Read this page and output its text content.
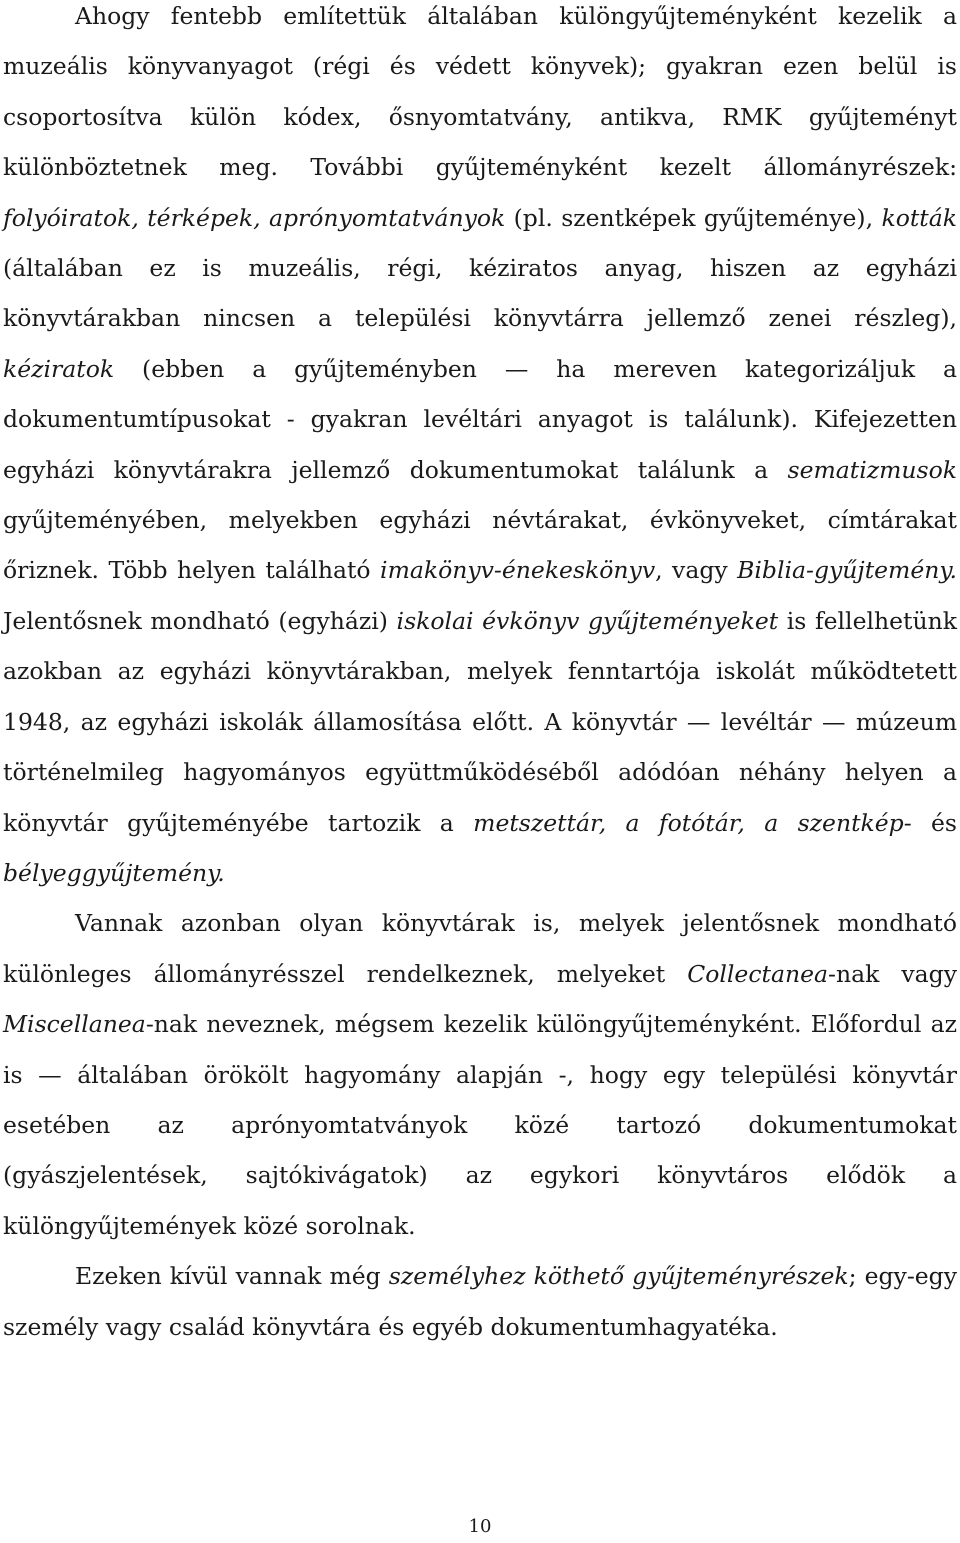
Ahogy fentebb említettük általában különgyűjteményként kezelik a muzeális könyvanyagot (régi és védett könyvek); gyakran ezen belül is csoportosítva külön kódex, ősnyomtatvány, antikva, RMK gyűjteményt különböztetnek meg. További gyűjteményként kezelt állományrészek: folyóiratok, térképek, aprónyomtatványok (pl. szentképek gyűjteménye), kották (általában ez is muzeális, régi, kéziratos anyag, hiszen az egyházi könyvtárakban nincsen a települési könyvtárra jellemző zenei részleg), kéziratok (ebben a gyűjteményben — ha mereven kategorizáljuk a dokumentumtípusokat - gyakran levéltári anyagot is találunk). Kifejezetten egyházi könyvtárakra jellemző dokumentumokat találunk a sematizmusok gyűjteményében, melyekben egyházi névtárakat, évkönyveket, címtárakat őriznek. Több helyen található imakönyv-énekeskönyv, vagy Biblia-gyűjtemény. Jelentősnek mondható (egyházi) iskolai évkönyv gyűjteményeket is fellelhetünk azokban az egyházi könyvtárakban, melyek fenntartója iskolát működtetett 1948, az egyházi iskolák államosítása előtt. A könyvtár — levéltár — múzeum történelmileg hagyományos együttműködéséből adódóan néhány helyen a könyvtár gyűjteményébe tartozik a metszettár, a fotótár, a szentkép- és bélyeggyűjtemény.

Vannak azonban olyan könyvtárak is, melyek jelentősnek mondható különleges állományrésszel rendelkeznek, melyeket Collectanea-nak vagy Miscellanea-nak neveznek, mégsem kezelik különgyűjteményként. Előfordul az is — általában örökölt hagyomány alapján -, hogy egy települési könyvtár esetében az aprónyomtatványok közé tartozó dokumentumokat (gyászjelentések, sajtókivágatok) az egykori könyvtáros elődök a különgyűjtemények közé sorolnak.

Ezeken kívül vannak még személyhez köthető gyűjteményrészek; egy-egy személy vagy család könyvtára és egyéb dokumentumhagyatéka.

10
